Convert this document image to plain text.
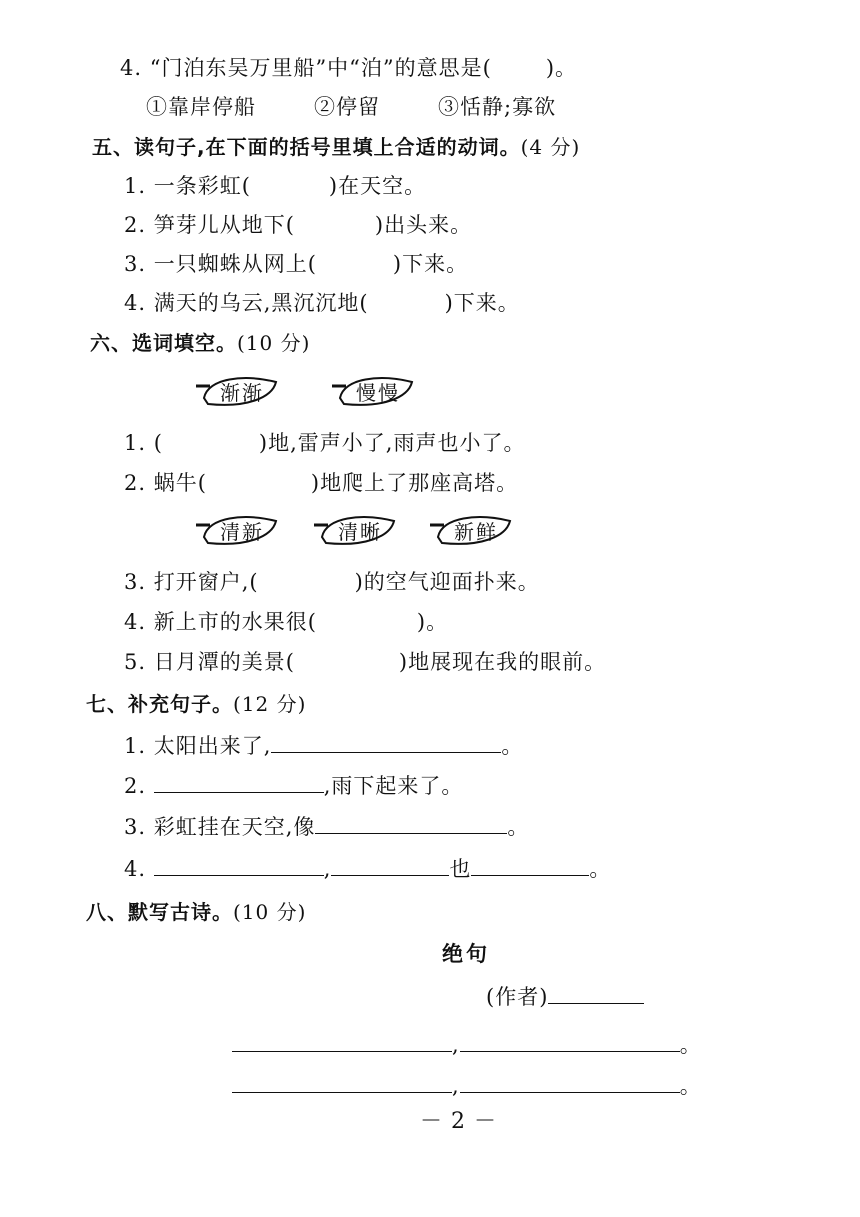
4. “门泊东吴万里船”中“泊”的意思是(	)。
①靠岸停船	②停留	③恬静;寡欲
五、读句子,在下面的括号里填上合适的动词。(4 分)
1. 一条彩虹(	)在天空。
2. 笋芽儿从地下(	)出头来。
3. 一只蜘蛛从网上(	)下来。
4. 满天的乌云,黑沉沉地(	)下来。
六、选词填空。(10 分)
渐渐	慢慢
1. (	)地,雷声小了,雨声也小了。
2. 蜗牛(	)地爬上了那座高塔。
清新	清晰	新鲜
3. 打开窗户,(	)的空气迎面扑来。
4. 新上市的水果很(	)。
5. 日月潭的美景(	)地展现在我的眼前。
七、补充句子。(12 分)
1. 太阳出来了,	。
2.	,雨下起来了。
3. 彩虹挂在天空,像	。
4.	,	也	。
八、默写古诗。(10 分)
绝句
(作者)
,	。
,	。
－ 2 －
